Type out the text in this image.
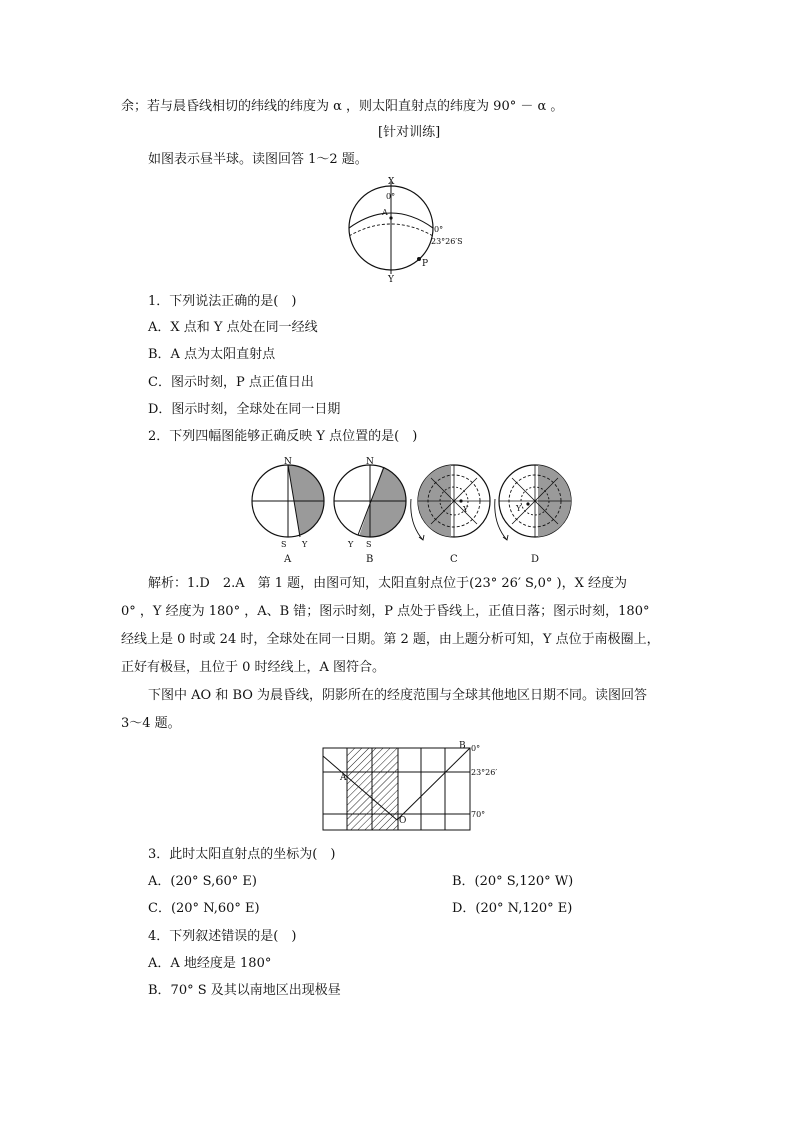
余；若与晨昏线相切的纬线的纬度为 α ，则太阳直射点的纬度为 90° － α 。
[针对训练]
如图表示昼半球。读图回答 1～2 题。
X
0°
A
0°
23°26′S
P
Y
1．下列说法正确的是(　)
A．X 点和 Y 点处在同一经线
B．A 点为太阳直射点
C．图示时刻，P 点正值日出
D．图示时刻，全球处在同一日期
2．下列四幅图能够正确反映 Y 点位置的是(　)
N
S Y
A
N
Y S
B
Y
C
Y
D
解析：1.D　2.A　第 1 题，由图可知，太阳直射点位于(23° 26′ S,0° )，X 经度为
0° ，Y 经度为 180° ，A、B 错；图示时刻，P 点处于昏线上，正值日落；图示时刻，180°
经线上是 0 时或 24 时，全球处在同一日期。第 2 题，由上题分析可知，Y 点位于南极圈上，
正好有极昼，且位于 0 时经线上，A 图符合。
下图中 AO 和 BO 为晨昏线，阴影所在的经度范围与全球其他地区日期不同。读图回答
3～4 题。
B 0°
A
23°26′
O
70°
3．此时太阳直射点的坐标为(　)
A．(20° S,60° E)	B．(20° S,120° W)
C．(20° N,60° E)	D．(20° N,120° E)
4．下列叙述错误的是(　)
A．A 地经度是 180°
B．70° S 及其以南地区出现极昼
